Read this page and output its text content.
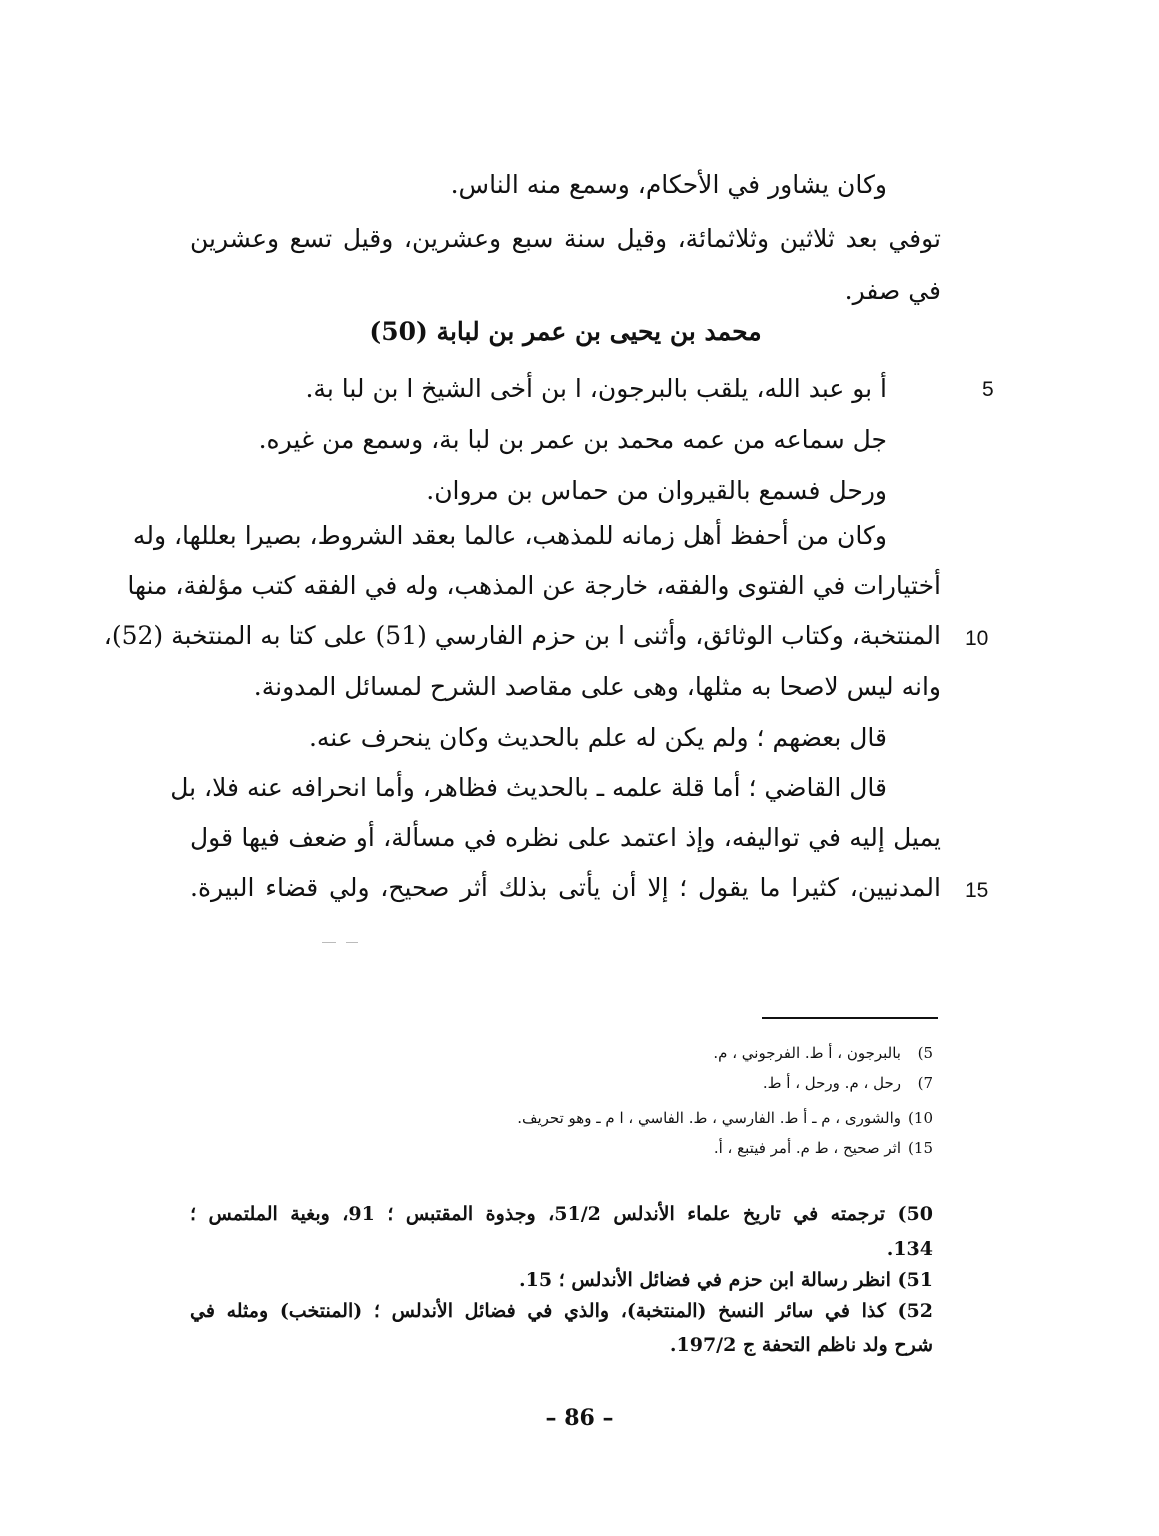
وكان يشاور في الأحكام، وسمع منه الناس.
توفي بعد ثلاثين وثلاثمائة، وقيل سنة سبع وعشرين، وقيل تسع وعشرين
في صفر.
محمد بن يحيى بن عمر بن لبابة (50)
أ بو عبد الله، يلقب بالبرجون، ا بن أخى الشيخ ا بن لبا بة.
جل سماعه من عمه محمد بن عمر بن لبا بة، وسمع من غيره.
ورحل فسمع بالقيروان من حماس بن مروان.
وكان من أحفظ أهل زمانه للمذهب، عالما بعقد الشروط، بصيرا بعللها، وله
أختيارات في الفتوى والفقه، خارجة عن المذهب، وله في الفقه كتب مؤلفة، منها
المنتخبة، وكتاب الوثائق، وأثنى ا بن حزم الفارسي (51) على كتا به المنتخبة (52)،
وانه ليس لاصحا به مثلها، وهى على مقاصد الشرح لمسائل المدونة.
قال بعضهم ؛ ولم يكن له علم بالحديث وكان ينحرف عنه.
قال القاضي ؛ أما قلة علمه ـ بالحديث فظاهر، وأما انحرافه عنه فلا، بل
يميل إليه في تواليفه، وإذ اعتمد على نظره في مسألة، أو ضعف فيها قول
المدنيين، كثيرا ما يقول ؛ إلا أن يأتى بذلك أثر صحيح، ولي قضاء البيرة.
5
10
15
5)بالبرجون ، أ ط. الفرجوني ، م.
7)رحل ، م. ورحل ، أ ط.
10)والشورى ، م ـ أ ط. الفارسي ، ط. الفاسي ، ا م ـ وهو تحريف.
15)اثر صحيح ، ط م. أمر فيتبع ، أ.
50) ترجمته في تاريخ علماء الأندلس 51/2، وجذوة المقتبس ؛ 91، وبغية الملتمس ؛
134.
51) انظر رسالة ابن حزم في فضائل الأندلس ؛ 15.
52) كذا في سائر النسخ (المنتخبة)، والذي في فضائل الأندلس ؛ (المنتخب) ومثله في
شرح ولد ناظم التحفة ج 197/2.
– 86 –
